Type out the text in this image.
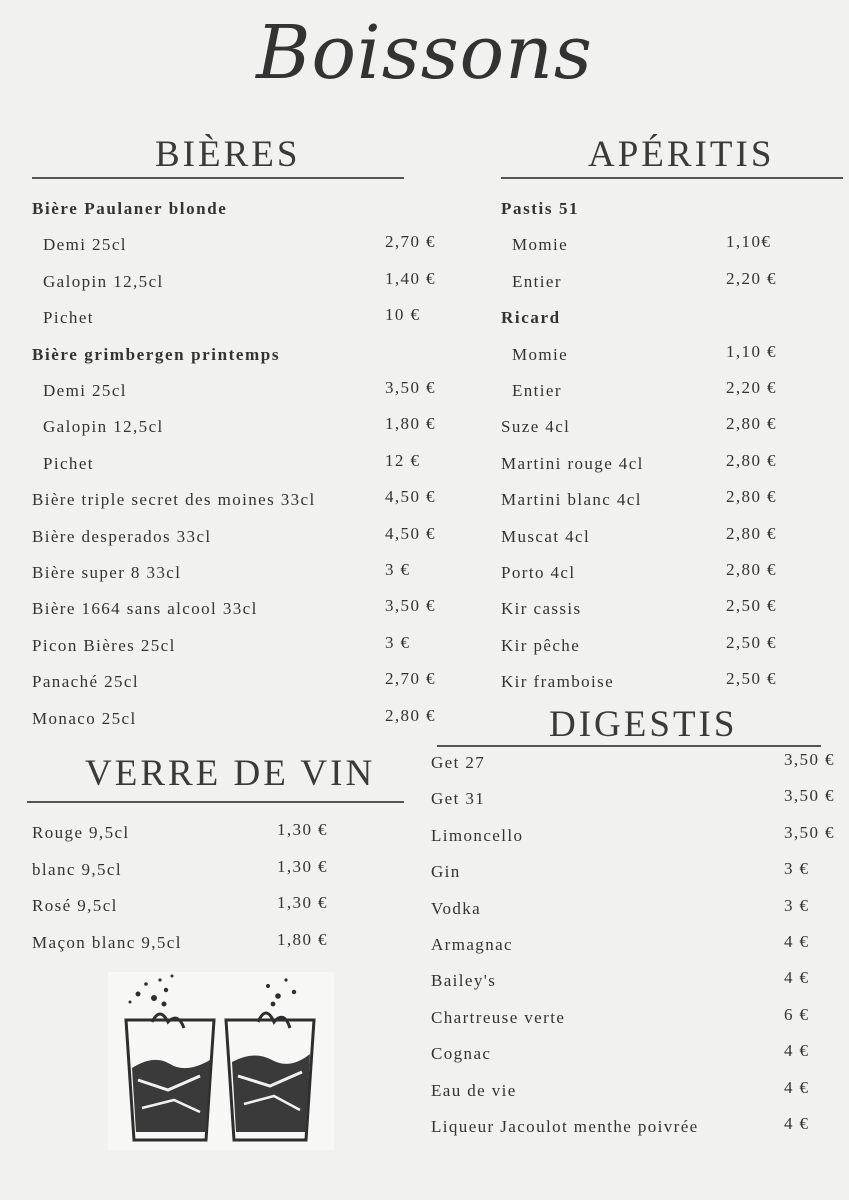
Boissons
BIÈRES
Bière Paulaner blonde
Demi 25cl	2,70 €
Galopin 12,5cl	1,40 €
Pichet	10 €
Bière grimbergen printemps
Demi 25cl	3,50 €
Galopin 12,5cl	1,80 €
Pichet	12 €
Bière triple secret des moines 33cl	4,50 €
Bière desperados 33cl	4,50 €
Bière super 8 33cl	3 €
Bière 1664 sans alcool 33cl	3,50 €
Picon Bières 25cl	3 €
Panaché 25cl	2,70 €
Monaco 25cl	2,80 €
APÉRITIS
Pastis 51
Momie	1,10€
Entier	2,20 €
Ricard
Momie	1,10 €
Entier	2,20 €
Suze 4cl	2,80 €
Martini rouge 4cl	2,80 €
Martini blanc 4cl	2,80 €
Muscat 4cl	2,80 €
Porto 4cl	2,80 €
Kir cassis	2,50 €
Kir pêche	2,50 €
Kir framboise	2,50 €
VERRE DE VIN
Rouge 9,5cl	1,30 €
blanc 9,5cl	1,30 €
Rosé 9,5cl	1,30 €
Maçon blanc 9,5cl	1,80 €
DIGESTIS
Get 27	3,50 €
Get 31	3,50 €
Limoncello	3,50 €
Gin	3 €
Vodka	3 €
Armagnac	4 €
Bailey's	4 €
Chartreuse verte	6 €
Cognac	4 €
Eau de vie	4 €
Liqueur Jacoulot menthe poivrée	4 €
